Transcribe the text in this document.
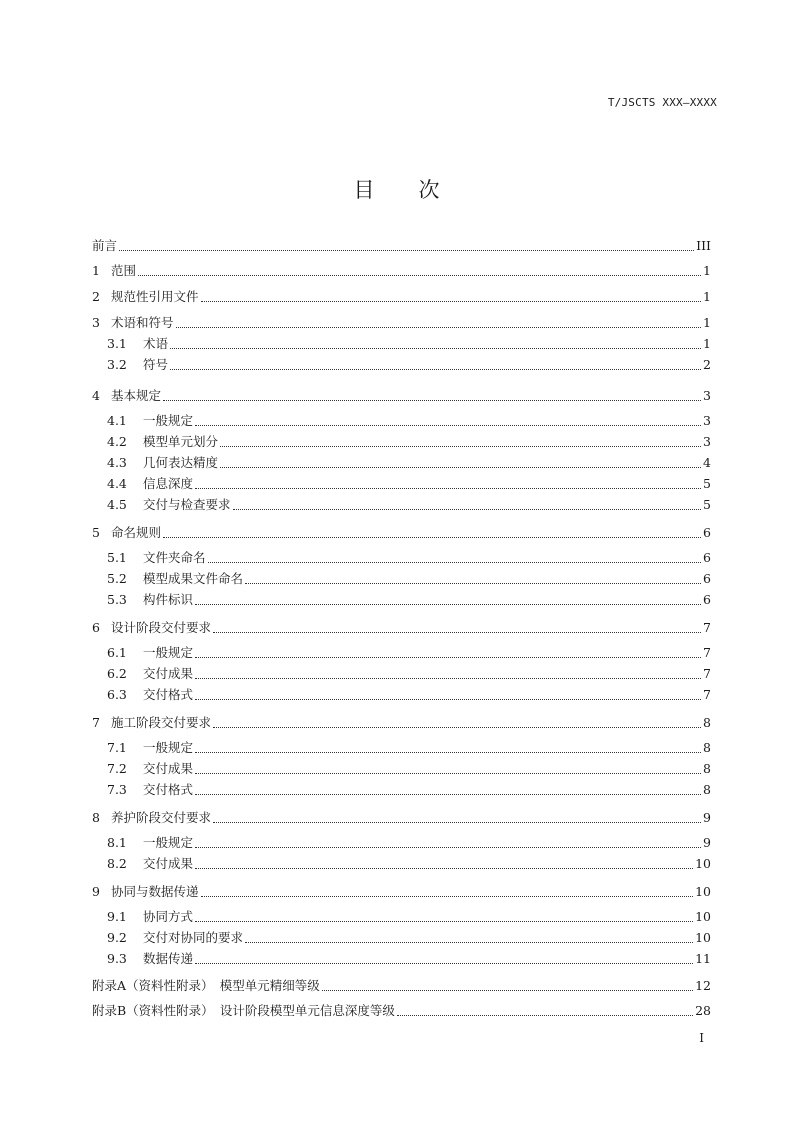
T/JSCTS XXX—XXXX
目 次
前言	III
1 范围	1
2 规范性引用文件	1
3 术语和符号	1
3.1	术语	1
3.2	符号	2
4 基本规定	3
4.1	一般规定	3
4.2	模型单元划分	3
4.3	几何表达精度	4
4.4	信息深度	5
4.5	交付与检查要求	5
5 命名规则	6
5.1	文件夹命名	6
5.2	模型成果文件命名	6
5.3	构件标识	6
6 设计阶段交付要求	7
6.1	一般规定	7
6.2	交付成果	7
6.3	交付格式	7
7 施工阶段交付要求	8
7.1	一般规定	8
7.2	交付成果	8
7.3	交付格式	8
8 养护阶段交付要求	9
8.1	一般规定	9
8.2	交付成果	10
9 协同与数据传递	10
9.1	协同方式	10
9.2	交付对协同的要求	10
9.3	数据传递	11
附录A（资料性附录）　模型单元精细等级	12
附录B（资料性附录）　设计阶段模型单元信息深度等级	28
I
